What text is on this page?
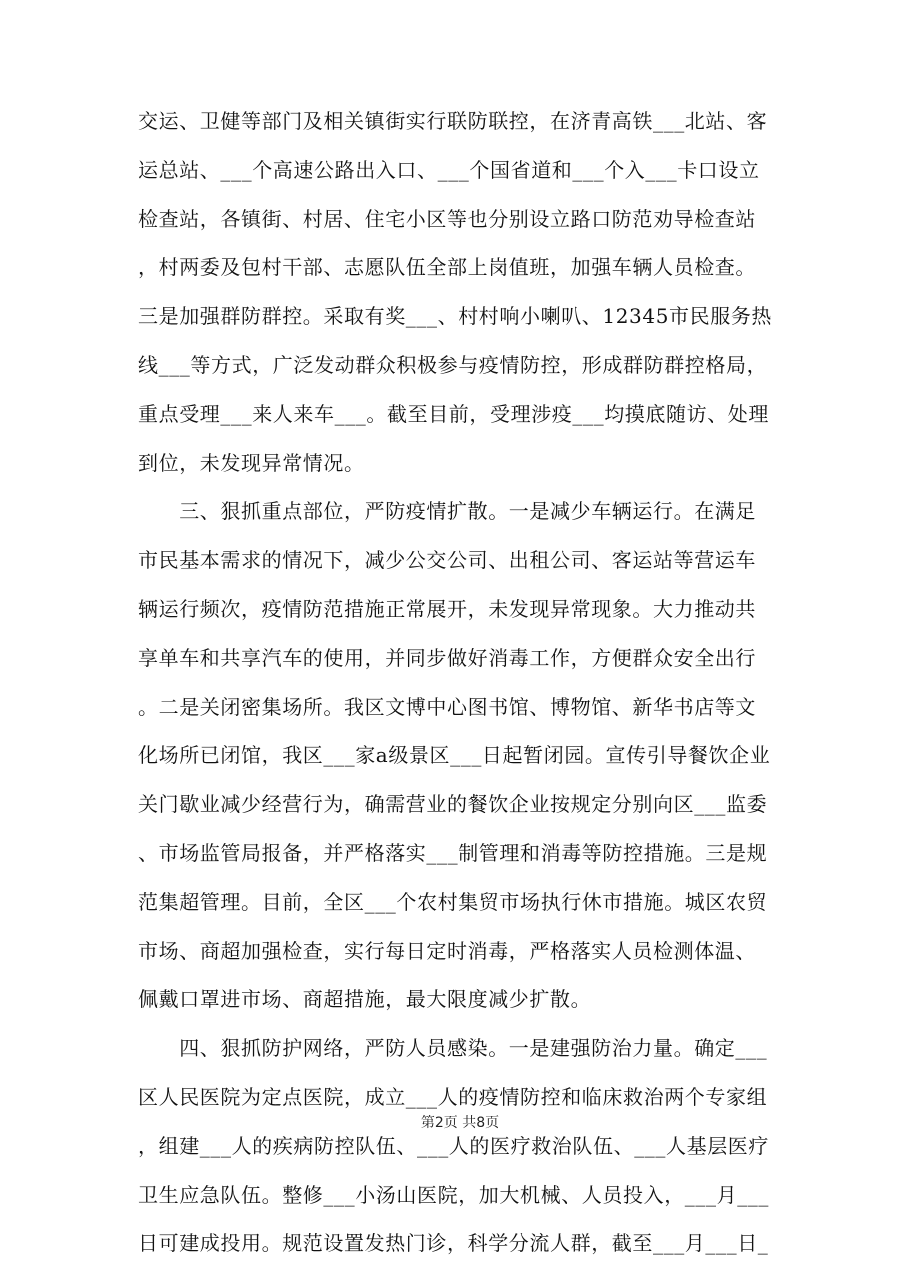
交运、卫健等部门及相关镇街实行联防联控，在济青高铁___北站、客
运总站、___个高速公路出入口、___个国省道和___个入___卡口设立
检查站，各镇街、村居、住宅小区等也分别设立路口防范劝导检查站
，村两委及包村干部、志愿队伍全部上岗值班，加强车辆人员检查。
三是加强群防群控。采取有奖___、村村响小喇叭、12345市民服务热
线___等方式，广泛发动群众积极参与疫情防控，形成群防群控格局，
重点受理___来人来车___。截至目前，受理涉疫___均摸底随访、处理
到位，未发现异常情况。
　　三、狠抓重点部位，严防疫情扩散。一是减少车辆运行。在满足
市民基本需求的情况下，减少公交公司、出租公司、客运站等营运车
辆运行频次，疫情防范措施正常展开，未发现异常现象。大力推动共
享单车和共享汽车的使用，并同步做好消毒工作，方便群众安全出行
。二是关闭密集场所。我区文博中心图书馆、博物馆、新华书店等文
化场所已闭馆，我区___家a级景区___日起暂闭园。宣传引导餐饮企业
关门歇业减少经营行为，确需营业的餐饮企业按规定分别向区___监委
、市场监管局报备，并严格落实___制管理和消毒等防控措施。三是规
范集超管理。目前，全区___个农村集贸市场执行休市措施。城区农贸
市场、商超加强检查，实行每日定时消毒，严格落实人员检测体温、
佩戴口罩进市场、商超措施，最大限度减少扩散。
　　四、狠抓防护网络，严防人员感染。一是建强防治力量。确定___
区人民医院为定点医院，成立___人的疫情防控和临床救治两个专家组
，组建___人的疾病防控队伍、___人的医疗救治队伍、___人基层医疗
卫生应急队伍。整修___小汤山医院，加大机械、人员投入，___月___
日可建成投用。规范设置发热门诊，科学分流人群，截至___月___日_
第2页 共8页
